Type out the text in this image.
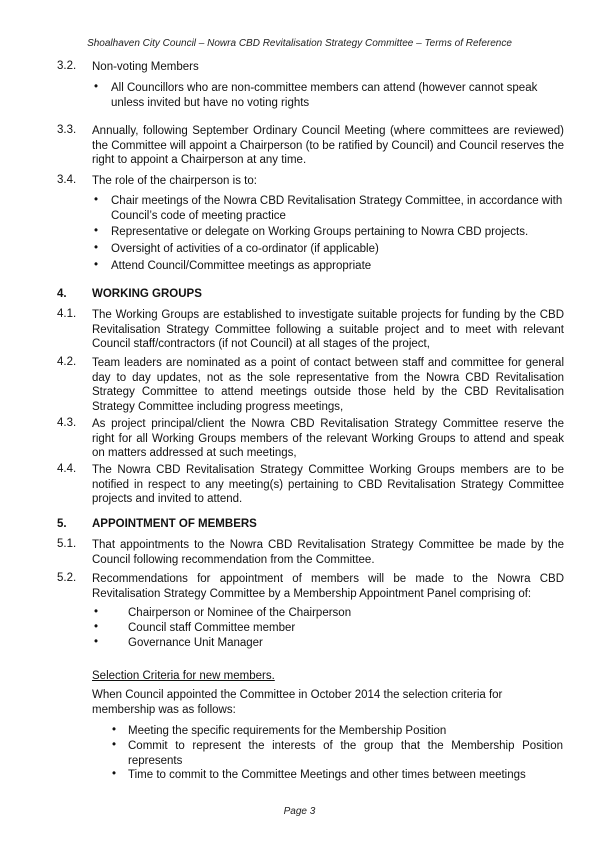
Shoalhaven City Council – Nowra CBD Revitalisation Strategy Committee – Terms of Reference
3.2. Non-voting Members
• All Councillors who are non-committee members can attend (however cannot speak unless invited but have no voting rights
3.3. Annually, following September Ordinary Council Meeting (where committees are reviewed) the Committee will appoint a Chairperson (to be ratified by Council) and Council reserves the right to appoint a Chairperson at any time.
3.4. The role of the chairperson is to:
• Chair meetings of the Nowra CBD Revitalisation Strategy Committee, in accordance with Council’s code of meeting practice
• Representative or delegate on Working Groups pertaining to Nowra CBD projects.
• Oversight of activities of a co-ordinator (if applicable)
• Attend Council/Committee meetings as appropriate
4. WORKING GROUPS
4.1. The Working Groups are established to investigate suitable projects for funding by the CBD Revitalisation Strategy Committee following a suitable project and to meet with relevant Council staff/contractors (if not Council) at all stages of the project,
4.2. Team leaders are nominated as a point of contact between staff and committee for general day to day updates, not as the sole representative from the Nowra CBD Revitalisation Strategy Committee to attend meetings outside those held by the CBD Revitalisation Strategy Committee including progress meetings,
4.3. As project principal/client the Nowra CBD Revitalisation Strategy Committee reserve the right for all Working Groups members of the relevant Working Groups to attend and speak on matters addressed at such meetings,
4.4. The Nowra CBD Revitalisation Strategy Committee Working Groups members are to be notified in respect to any meeting(s) pertaining to CBD Revitalisation Strategy Committee projects and invited to attend.
5. APPOINTMENT OF MEMBERS
5.1. That appointments to the Nowra CBD Revitalisation Strategy Committee be made by the Council following recommendation from the Committee.
5.2. Recommendations for appointment of members will be made to the Nowra CBD Revitalisation Strategy Committee by a Membership Appointment Panel comprising of:
•	Chairperson or Nominee of the Chairperson
•	Council staff Committee member
•	Governance Unit Manager
Selection Criteria for new members.
When Council appointed the Committee in October 2014 the selection criteria for membership was as follows:
• Meeting the specific requirements for the Membership Position
• Commit to represent the interests of the group that the Membership Position represents
• Time to commit to the Committee Meetings and other times between meetings
Page 3
